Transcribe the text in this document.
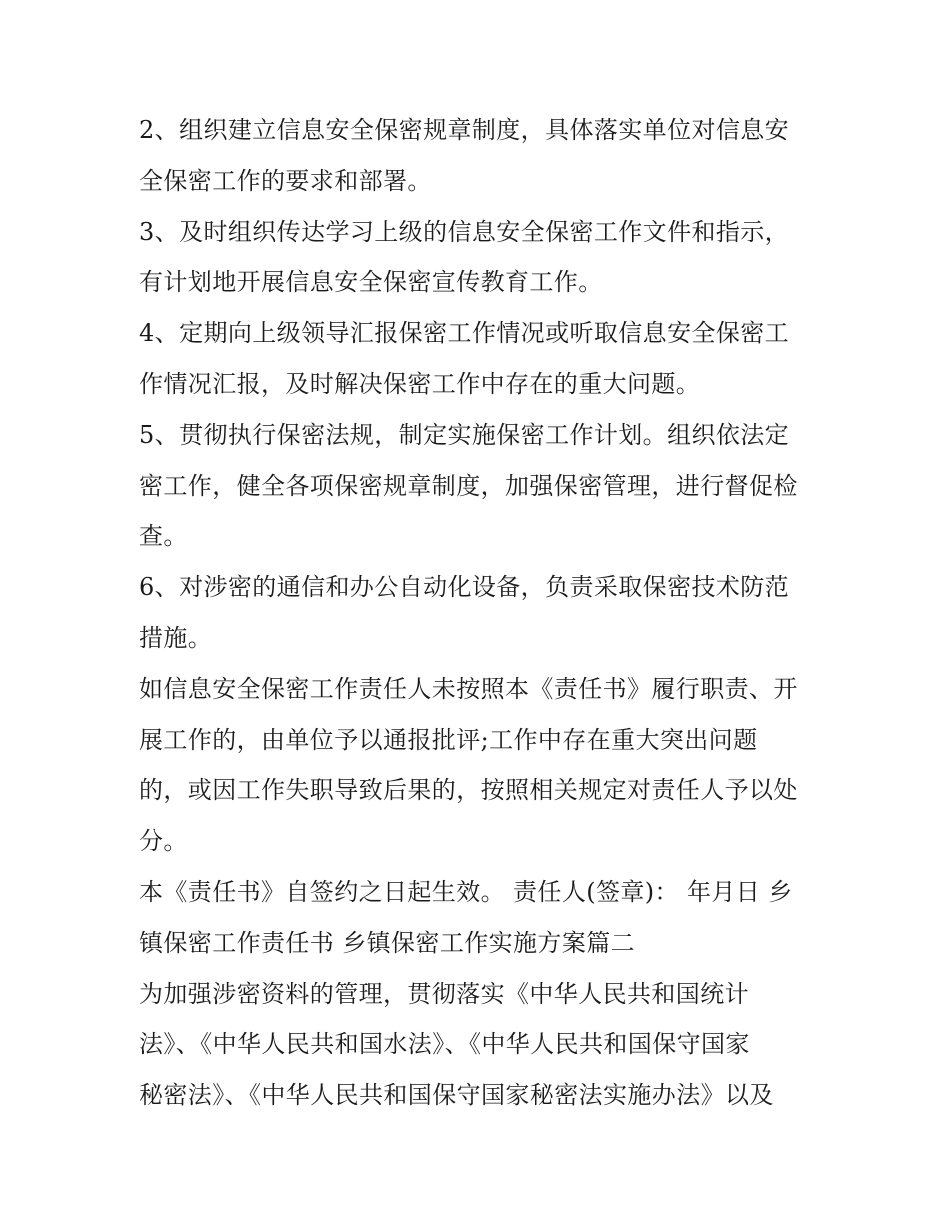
2、组织建立信息安全保密规章制度，具体落实单位对信息安
全保密工作的要求和部署。
3、及时组织传达学习上级的信息安全保密工作文件和指示，
有计划地开展信息安全保密宣传教育工作。
4、定期向上级领导汇报保密工作情况或听取信息安全保密工
作情况汇报，及时解决保密工作中存在的重大问题。
5、贯彻执行保密法规，制定实施保密工作计划。组织依法定
密工作，健全各项保密规章制度，加强保密管理，进行督促检
查。
6、对涉密的通信和办公自动化设备，负责采取保密技术防范
措施。
如信息安全保密工作责任人未按照本《责任书》履行职责、开
展工作的，由单位予以通报批评;工作中存在重大突出问题
的，或因工作失职导致后果的，按照相关规定对责任人予以处
分。
本《责任书》自签约之日起生效。 责任人(签章)： 年月日 乡
镇保密工作责任书 乡镇保密工作实施方案篇二
为加强涉密资料的管理，贯彻落实《中华人民共和国统计
法》、《中华人民共和国水法》、《中华人民共和国保守国家
秘密法》、《中华人民共和国保守国家秘密法实施办法》以及
